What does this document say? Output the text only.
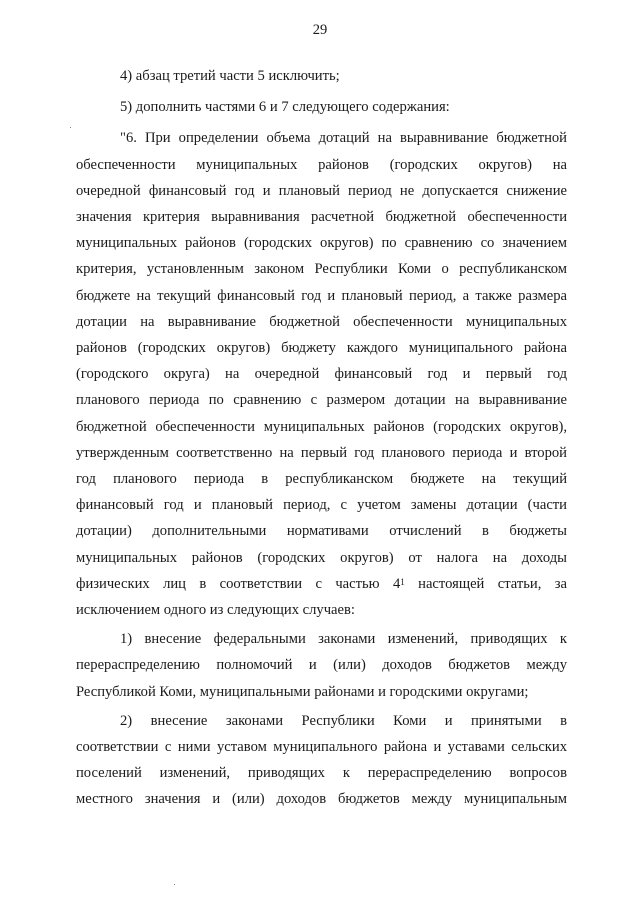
29

4) абзац третий части 5 исключить;

5) дополнить частями 6 и 7 следующего содержания:

"6. При определении объема дотаций на выравнивание бюджетной
обеспеченности муниципальных районов (городских округов) на
очередной финансовый год и плановый период не допускается снижение
значения критерия выравнивания расчетной бюджетной обеспеченности
муниципальных районов (городских округов) по сравнению со значением
критерия, установленным законом Республики Коми о республиканском
бюджете на текущий финансовый год и плановый период, а также размера
дотации на выравнивание бюджетной обеспеченности муниципальных
районов (городских округов) бюджету каждого муниципального района
(городского округа) на очередной финансовый год и первый год
планового периода по сравнению с размером дотации на выравнивание
бюджетной обеспеченности муниципальных районов (городских округов),
утвержденным соответственно на первый год планового периода и второй
год планового периода в республиканском бюджете на текущий
финансовый год и плановый период, с учетом замены дотации (части
дотации) дополнительными нормативами отчислений в бюджеты
муниципальных районов (городских округов) от налога на доходы
физических лиц в соответствии с частью $4^1$ настоящей статьи, за
исключением одного из следующих случаев:
1) внесение федеральными законами изменений, приводящих к
перераспределению полномочий и (или) доходов бюджетов между
Республикой Коми, муниципальными районами и городскими округами;
2) внесение законами Республики Коми и принятыми в
соответствии с ними уставом муниципального района и уставами сельских
поселений изменений, приводящих к перераспределению вопросов
местного значения и (или) доходов бюджетов между муниципальным
